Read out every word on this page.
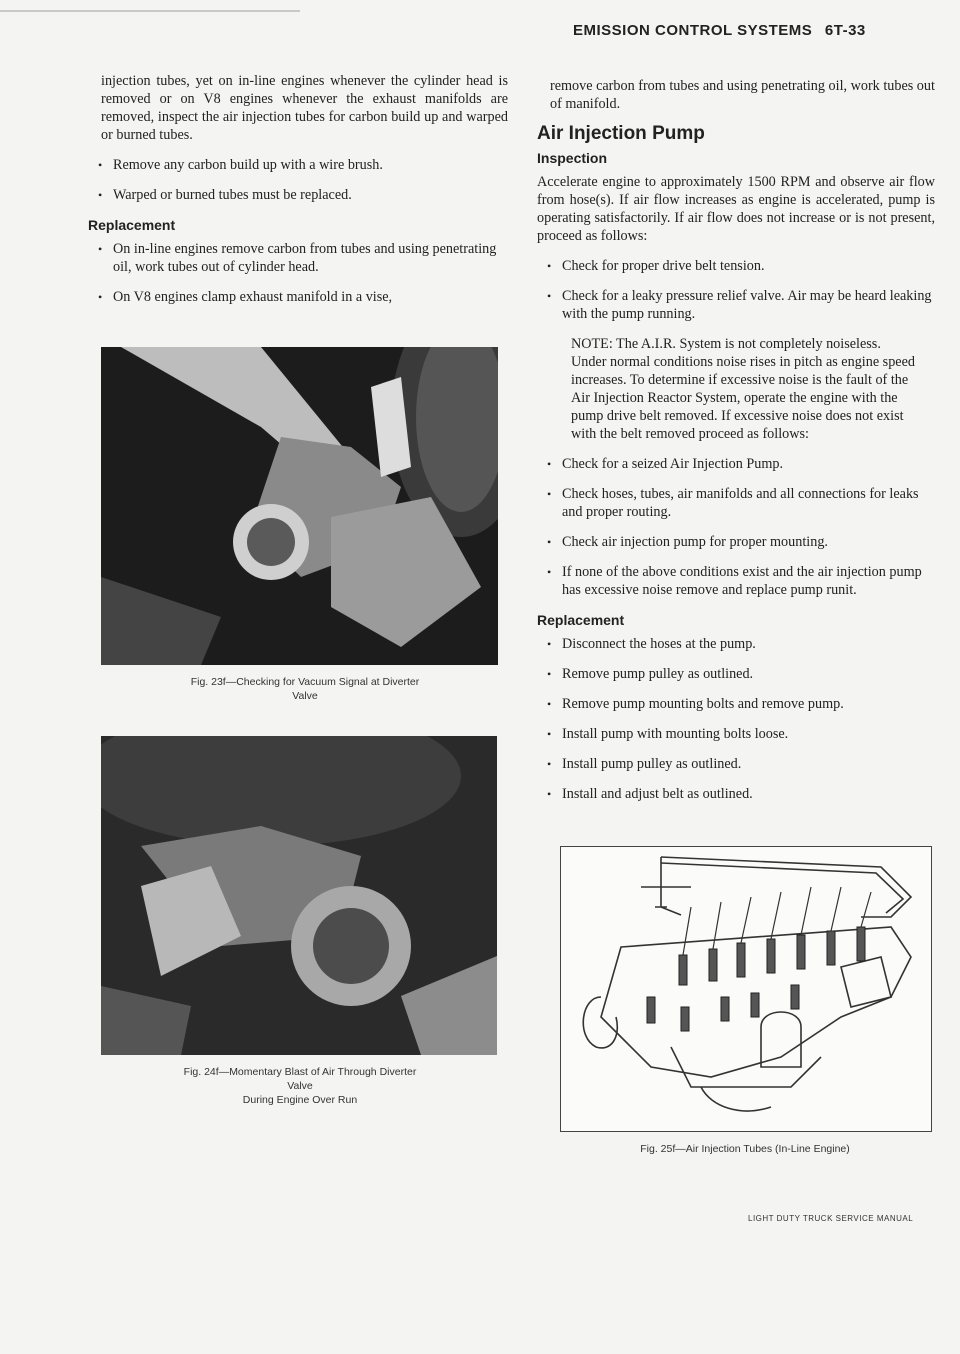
EMISSION CONTROL SYSTEMS 6T-33

injection tubes, yet on in-line engines whenever the cylinder head is removed or on V8 engines whenever the exhaust manifolds are removed, inspect the air injection tubes for carbon build up and warped or burned tubes.

• Remove any carbon build up with a wire brush.
• Warped or burned tubes must be replaced.
Replacement
• On in-line engines remove carbon from tubes and using penetrating oil, work tubes out of cylinder head.
• On V8 engines clamp exhaust manifold in a vise,
Fig. 23f—Checking for Vacuum Signal at Diverter
Valve
Fig. 24f—Momentary Blast of Air Through Diverter
Valve
During Engine Over Run

remove carbon from tubes and using penetrating oil, work tubes out of manifold.

Air Injection Pump
Inspection

Accelerate engine to approximately 1500 RPM and observe air flow from hose(s). If air flow increases as engine is accelerated, pump is operating satisfactorily. If air flow does not increase or is not present, proceed as follows:

• Check for proper drive belt tension.
• Check for a leaky pressure relief valve. Air may be heard leaking with the pump running.

NOTE: The A.I.R. System is not completely noiseless. Under normal conditions noise rises in pitch as engine speed increases. To determine if excessive noise is the fault of the Air Injection Reactor System, operate the engine with the pump drive belt removed. If excessive noise does not exist with the belt removed proceed as follows:

• Check for a seized Air Injection Pump.
• Check hoses, tubes, air manifolds and all connections for leaks and proper routing.
• Check air injection pump for proper mounting.
• If none of the above conditions exist and the air injection pump has excessive noise remove and replace pump runit.
Replacement
• Disconnect the hoses at the pump.
• Remove pump pulley as outlined.
• Remove pump mounting bolts and remove pump.
• Install pump with mounting bolts loose.
• Install pump pulley as outlined.
• Install and adjust belt as outlined.
Fig. 25f—Air Injection Tubes (In-Line Engine)
LIGHT DUTY TRUCK SERVICE MANUAL
